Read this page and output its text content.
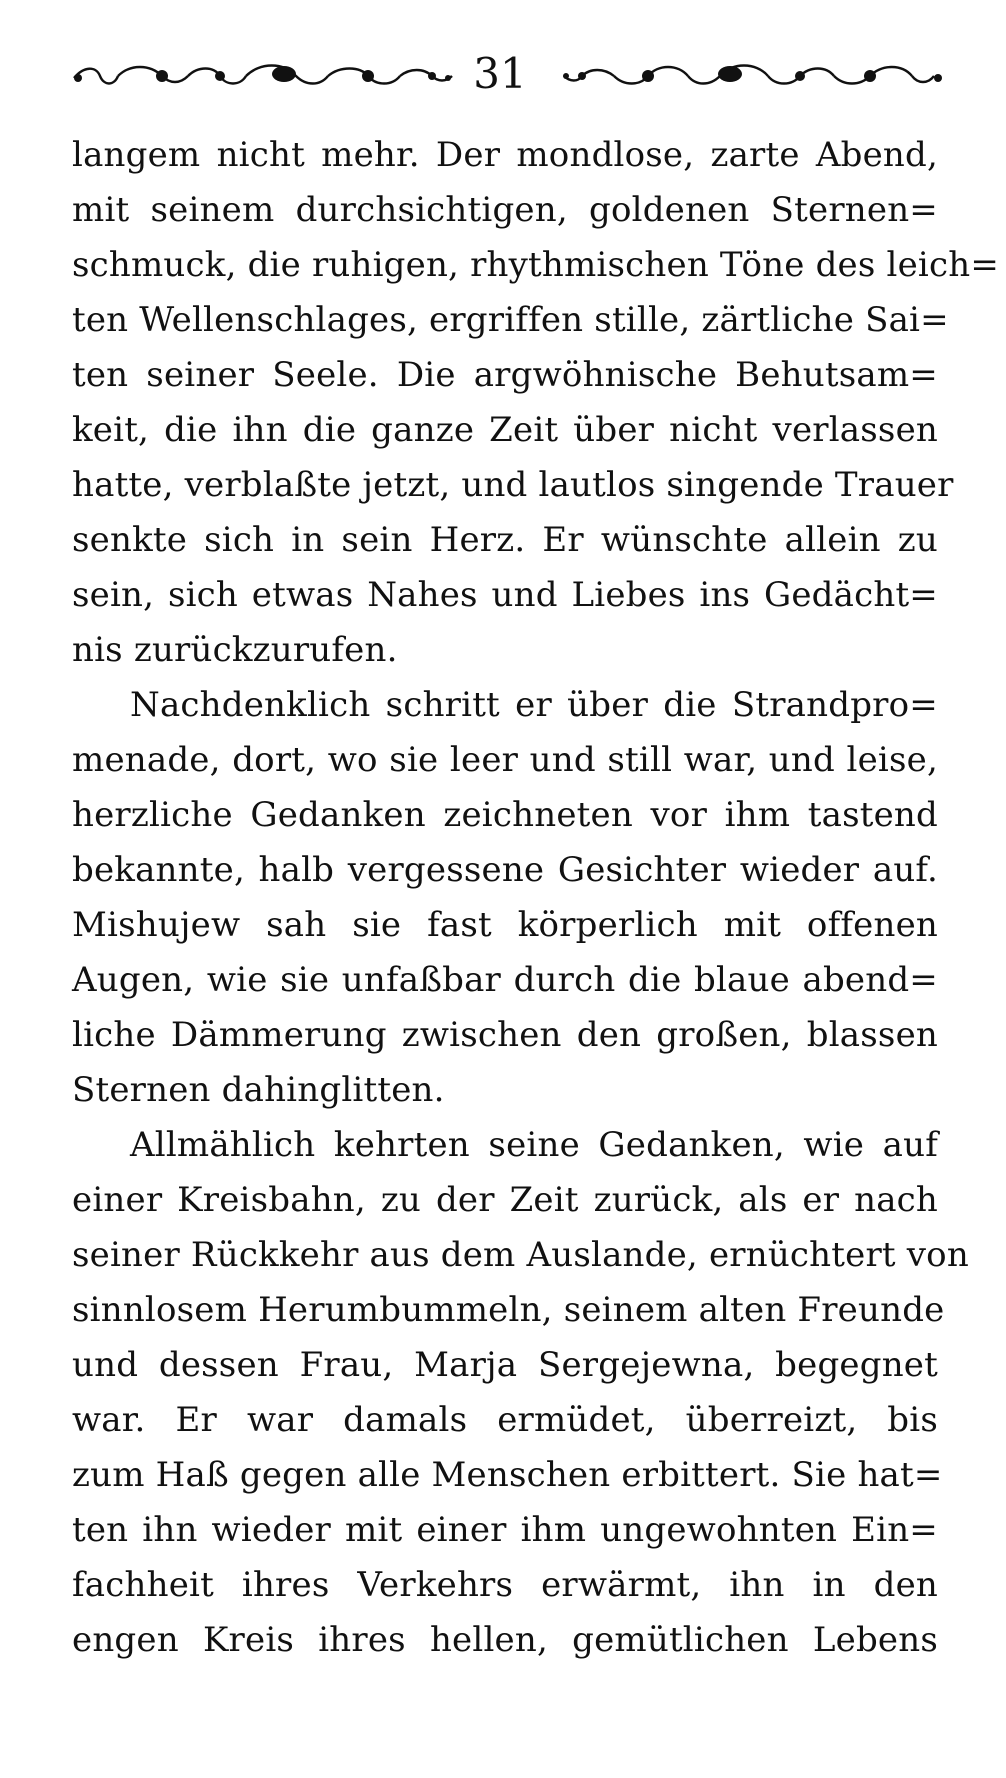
31
langem nicht mehr. Der mondlose, zarte Abend,
mit seinem durchsichtigen, goldenen Sternen=
schmuck, die ruhigen, rhythmischen Töne des leich=
ten Wellenschlages, ergriffen stille, zärtliche Sai=
ten seiner Seele. Die argwöhnische Behutsam=
keit, die ihn die ganze Zeit über nicht verlassen
hatte, verblaßte jetzt, und lautlos singende Trauer
senkte sich in sein Herz. Er wünschte allein zu
sein, sich etwas Nahes und Liebes ins Gedächt=
nis zurückzurufen.
Nachdenklich schritt er über die Strandpro=
menade, dort, wo sie leer und still war, und leise,
herzliche Gedanken zeichneten vor ihm tastend
bekannte, halb vergessene Gesichter wieder auf.
Mishujew sah sie fast körperlich mit offenen
Augen, wie sie unfaßbar durch die blaue abend=
liche Dämmerung zwischen den großen, blassen
Sternen dahinglitten.
Allmählich kehrten seine Gedanken, wie auf
einer Kreisbahn, zu der Zeit zurück, als er nach
seiner Rückkehr aus dem Auslande, ernüchtert von
sinnlosem Herumbummeln, seinem alten Freunde
und dessen Frau, Marja Sergejewna, begegnet
war. Er war damals ermüdet, überreizt, bis
zum Haß gegen alle Menschen erbittert. Sie hat=
ten ihn wieder mit einer ihm ungewohnten Ein=
fachheit ihres Verkehrs erwärmt, ihn in den
engen Kreis ihres hellen, gemütlichen Lebens
